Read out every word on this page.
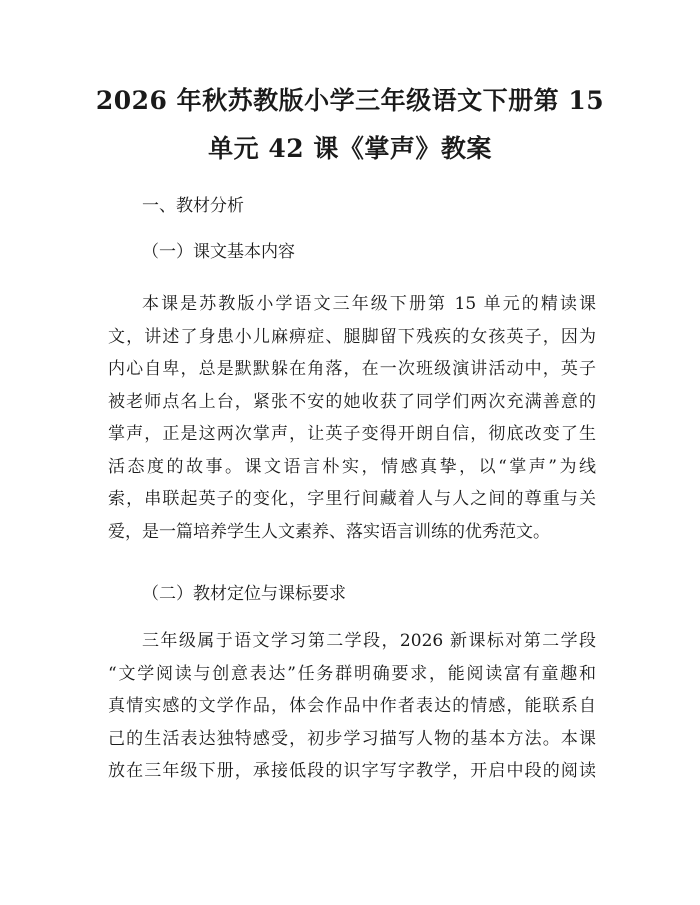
2026 年秋苏教版小学三年级语文下册第 15
单元 42 课《掌声》教案

一、教材分析

（一）课文基本内容

本课是苏教版小学语文三年级下册第 15 单元的精读课
文，讲述了身患小儿麻痹症、腿脚留下残疾的女孩英子，因为
内心自卑，总是默默躲在角落，在一次班级演讲活动中，英子
被老师点名上台，紧张不安的她收获了同学们两次充满善意的
掌声，正是这两次掌声，让英子变得开朗自信，彻底改变了生
活态度的故事。课文语言朴实，情感真挚，以“掌声”为线
索，串联起英子的变化，字里行间藏着人与人之间的尊重与关
爱，是一篇培养学生人文素养、落实语言训练的优秀范文。

（二）教材定位与课标要求

三年级属于语文学习第二学段，2026 新课标对第二学段
“文学阅读与创意表达”任务群明确要求，能阅读富有童趣和
真情实感的文学作品，体会作品中作者表达的情感，能联系自
己的生活表达独特感受，初步学习描写人物的基本方法。本课
放在三年级下册，承接低段的识字写字教学，开启中段的阅读
